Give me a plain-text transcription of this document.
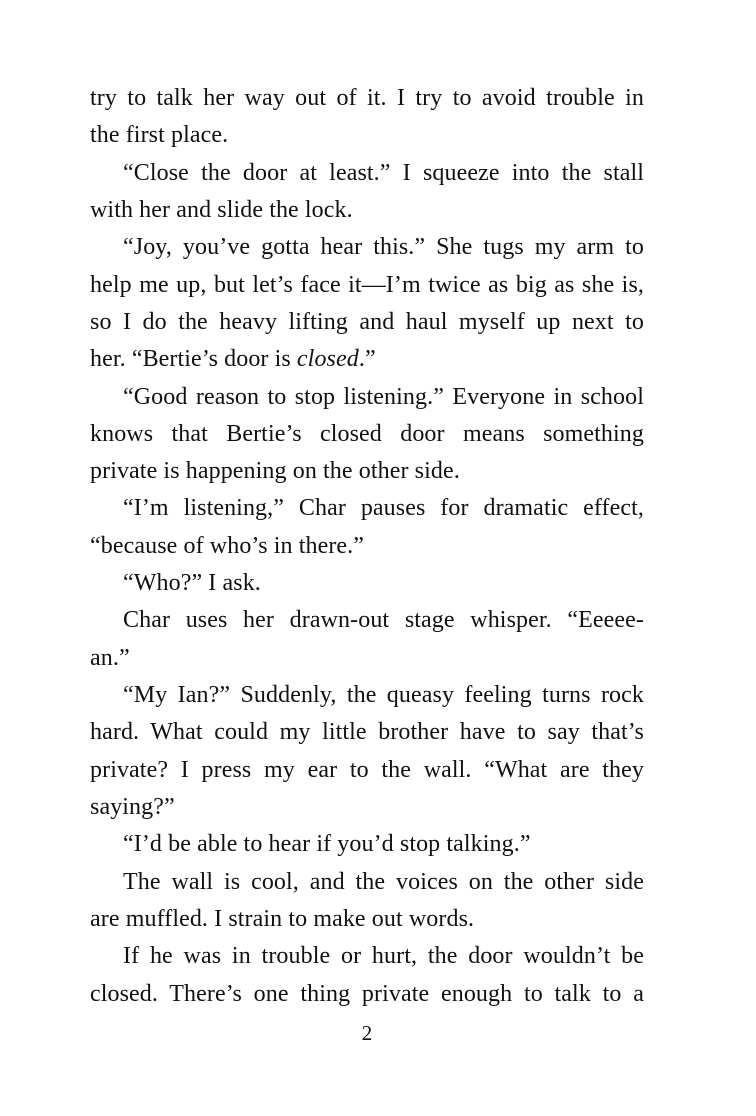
try to talk her way out of it. I try to avoid trouble in
the first place.
“Close the door at least.” I squeeze into the stall
with her and slide the lock.
“Joy, you’ve gotta hear this.” She tugs my arm to
help me up, but let’s face it—I’m twice as big as she is,
so I do the heavy lifting and haul myself up next to
her. “Bertie’s door is closed.”
“Good reason to stop listening.” Everyone in school
knows that Bertie’s closed door means something
private is happening on the other side.
“I’m listening,” Char pauses for dramatic effect,
“because of who’s in there.”
“Who?” I ask.
Char uses her drawn-out stage whisper. “Eeeee-
an.”
“My Ian?” Suddenly, the queasy feeling turns rock
hard. What could my little brother have to say that’s
private? I press my ear to the wall. “What are they
saying?”
“I’d be able to hear if you’d stop talking.”
The wall is cool, and the voices on the other side
are muffled. I strain to make out words.
If he was in trouble or hurt, the door wouldn’t be
closed. There’s one thing private enough to talk to a
2
